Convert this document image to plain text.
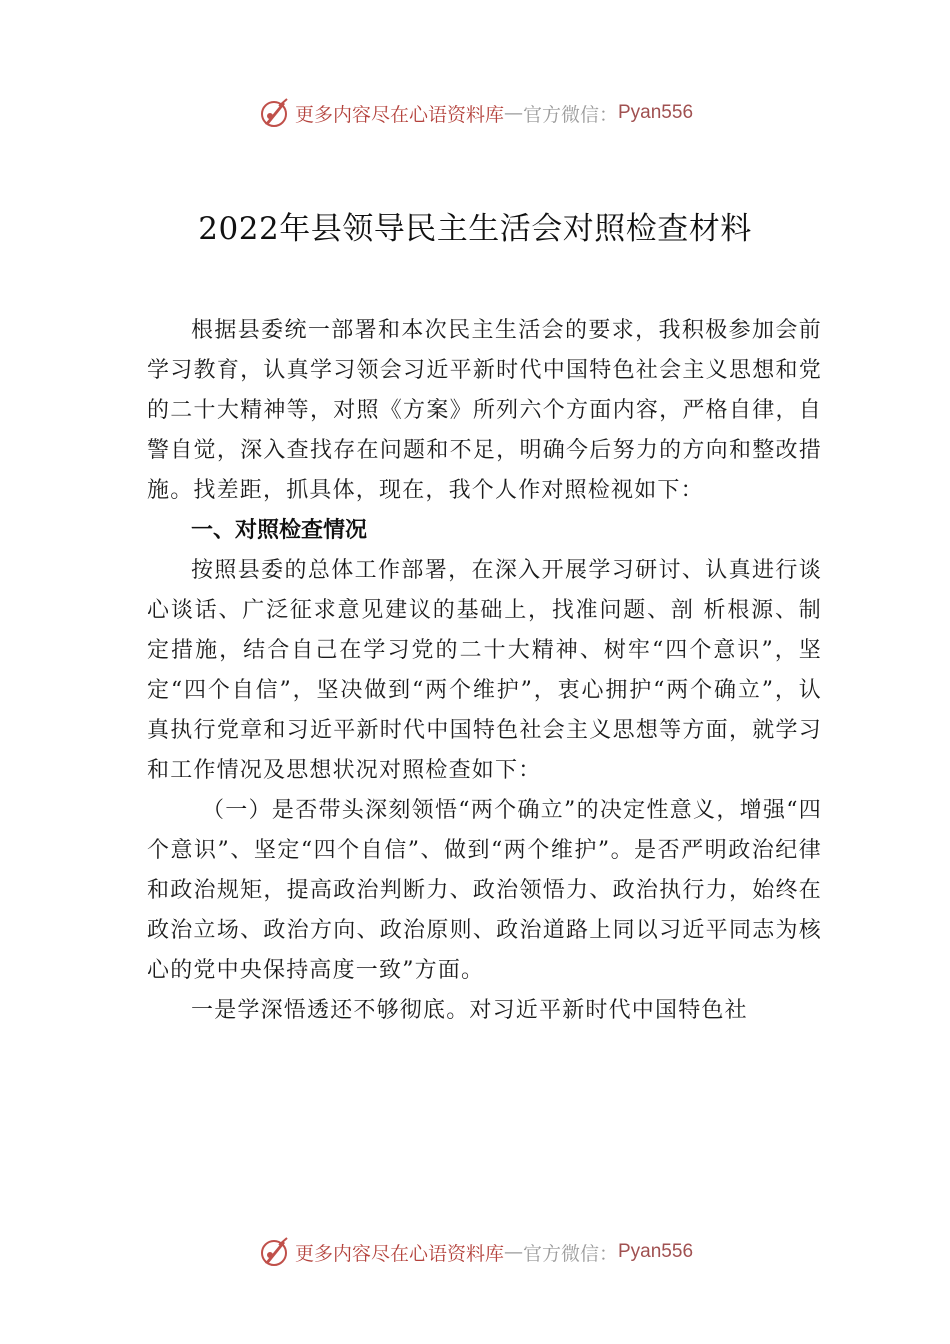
更多内容尽在心语资料库 — 官方微信： Pyan556
2022年县领导民主生活会对照检查材料

根据县委统一部署和本次民主生活会的要求，我积极参加会前学习教育，认真学习领会习近平新时代中国特色社会主义思想和党的二十大精神等，对照《方案》所列六个方面内容，严格自律，自警自觉，深入查找存在问题和不足，明确今后努力的方向和整改措施。找差距，抓具体，现在，我个人作对照检视如下：

一、对照检查情况

按照县委的总体工作部署，在深入开展学习研讨、认真进行谈心谈话、广泛征求意见建议的基础上，找准问题、剖 析根源、制定措施，结合自己在学习党的二十大精神、树牢“四个意识”，坚定“四个自信”，坚决做到“两个维护”，衷心拥护“两个确立”，认真执行党章和习近平新时代中国特色社会主义思想等方面，就学习和工作情况及思想状况对照检查如下：

（一）是否带头深刻领悟“两个确立”的决定性意义，增强“四个意识”、坚定“四个自信”、做到“两个维护”。是否严明政治纪律和政治规矩，提高政治判断力、政治领悟力、政治执行力，始终在政治立场、政治方向、政治原则、政治道路上同以习近平同志为核心的党中央保持高度一致”方面。

一是学深悟透还不够彻底。对习近平新时代中国特色社

更多内容尽在心语资料库 — 官方微信： Pyan556
